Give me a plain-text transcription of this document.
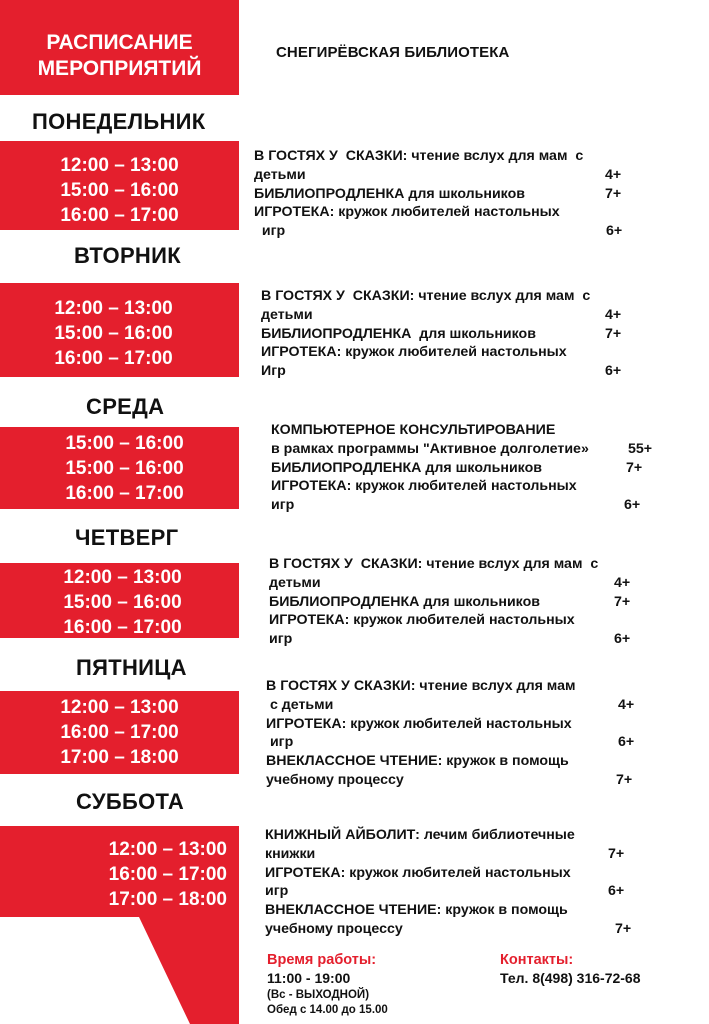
РАСПИСАНИЕ
МЕРОПРИЯТИЙ
СНЕГИРЁВСКАЯ БИБЛИОТЕКА
ПОНЕДЕЛЬНИК
ВТОРНИК
СРЕДА
ЧЕТВЕРГ
ПЯТНИЦА
СУББОТА
12:00 – 13:00
15:00 – 16:00
16:00 – 17:00
12:00 – 13:00
15:00 – 16:00
16:00 – 17:00
15:00 – 16:00
15:00 – 16:00
16:00 – 17:00
12:00 – 13:00
15:00 – 16:00
16:00 – 17:00
12:00 – 13:00
16:00 – 17:00
17:00 – 18:00
12:00 – 13:00
16:00 – 17:00
17:00 – 18:00
В ГОСТЯХ У  СКАЗКИ: чтение вслух для мам  с
детьми	4+
БИБЛИОПРОДЛЕНКА для школьников	7+
ИГРОТЕКА: кружок любителей настольных
игр	6+
В ГОСТЯХ У  СКАЗКИ: чтение вслух для мам  с
детьми	4+
БИБЛИОПРОДЛЕНКА  для школьников	7+
ИГРОТЕКА: кружок любителей настольных
Игр	6+
КОМПЬЮТЕРНОЕ КОНСУЛЬТИРОВАНИЕ
в рамках программы "Активное долголетие»	55+
БИБЛИОПРОДЛЕНКА для школьников	7+
ИГРОТЕКА: кружок любителей настольных
игр	6+
В ГОСТЯХ У  СКАЗКИ: чтение вслух для мам  с
детьми	4+
БИБЛИОПРОДЛЕНКА для школьников	7+
ИГРОТЕКА: кружок любителей настольных
игр	6+
В ГОСТЯХ У СКАЗКИ: чтение вслух для мам
с детьми	4+
ИГРОТЕКА: кружок любителей настольных
игр	6+
ВНЕКЛАССНОЕ ЧТЕНИЕ: кружок в помощь
учебному процессу	7+
КНИЖНЫЙ АЙБОЛИТ: лечим библиотечные
книжки	7+
ИГРОТЕКА: кружок любителей настольных
игр	6+
ВНЕКЛАССНОЕ ЧТЕНИЕ: кружок в помощь
учебному процессу	7+
Время работы:
11:00 - 19:00
(Вс - ВЫХОДНОЙ)
Обед с 14.00 до 15.00
Контакты:
Тел. 8(498) 316-72-68
